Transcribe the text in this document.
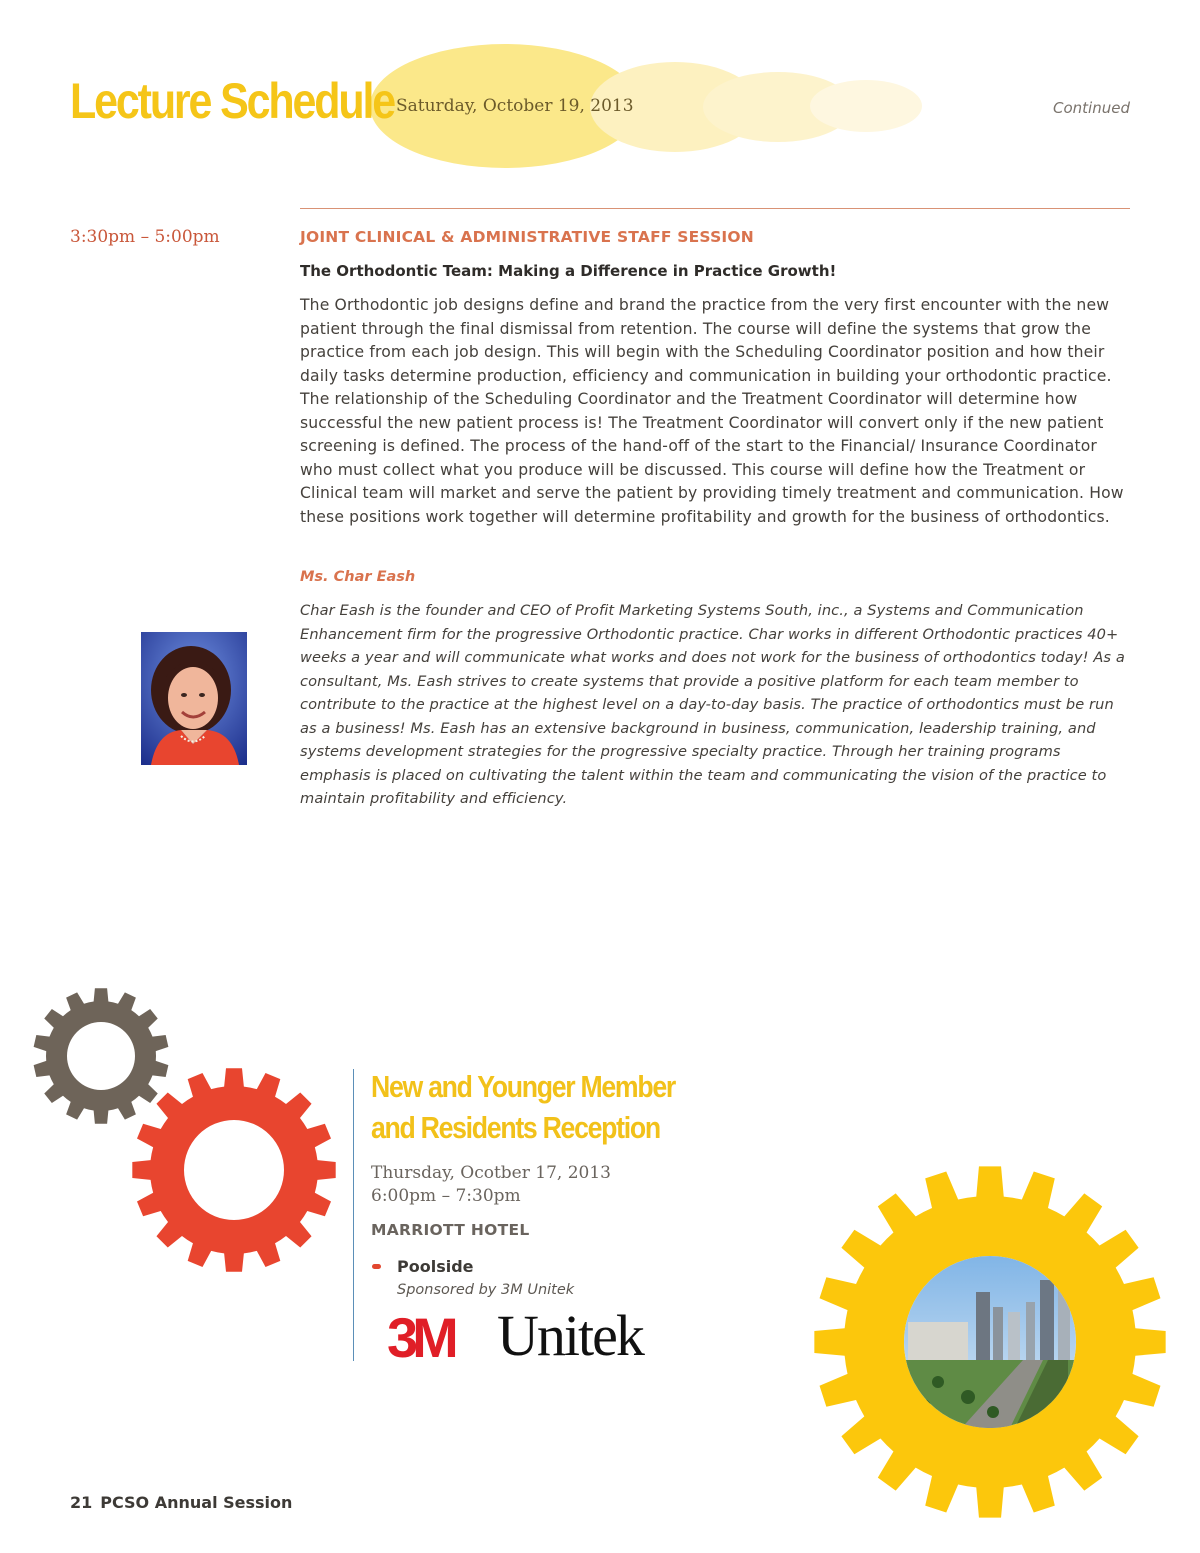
Lecture Schedule Saturday, October 19, 2013	Continued
3:30pm – 5:00pm	JOINT CLINICAL & ADMINISTRATIVE STAFF SESSION

The Orthodontic Team: Making a Difference in Practice Growth!

The Orthodontic job designs define and brand the practice from the very first encounter with the new patient through the final dismissal from retention. The course will define the systems that grow the practice from each job design. This will begin with the Scheduling Coordinator position and how their daily tasks determine production, efficiency and communication in building your orthodontic practice. The relationship of the Scheduling Coordinator and the Treatment Coordinator will determine how successful the new patient process is! The Treatment Coordinator will convert only if the new patient screening is defined. The process of the hand-off of the start to the Financial/ Insurance Coordinator who must collect what you produce will be discussed. This course will define how the Treatment or Clinical team will market and serve the patient by providing timely treatment and communication. How these positions work together will determine profitability and growth for the business of orthodontics.

Ms. Char Eash

Char Eash is the founder and CEO of Profit Marketing Systems South, inc., a Systems and Communication Enhancement firm for the progressive Orthodontic practice. Char works in different Orthodontic practices 40+ weeks a year and will communicate what works and does not work for the business of orthodontics today! As a consultant, Ms. Eash strives to create systems that provide a positive platform for each team member to contribute to the practice at the highest level on a day-to-day basis. The practice of orthodontics must be run as a business! Ms. Eash has an extensive background in business, communication, leadership training, and systems development strategies for the progressive specialty practice. Through her training programs emphasis is placed on cultivating the talent within the team and communicating the vision of the practice to maintain profitability and efficiency.

New and Younger Member
and Residents Reception
Thursday, Ocotber 17, 2013
6:00pm – 7:30pm
MARRIOTT HOTEL
Poolside
Sponsored by 3M Unitek
3M Unitek
21 PCSO Annual Session
